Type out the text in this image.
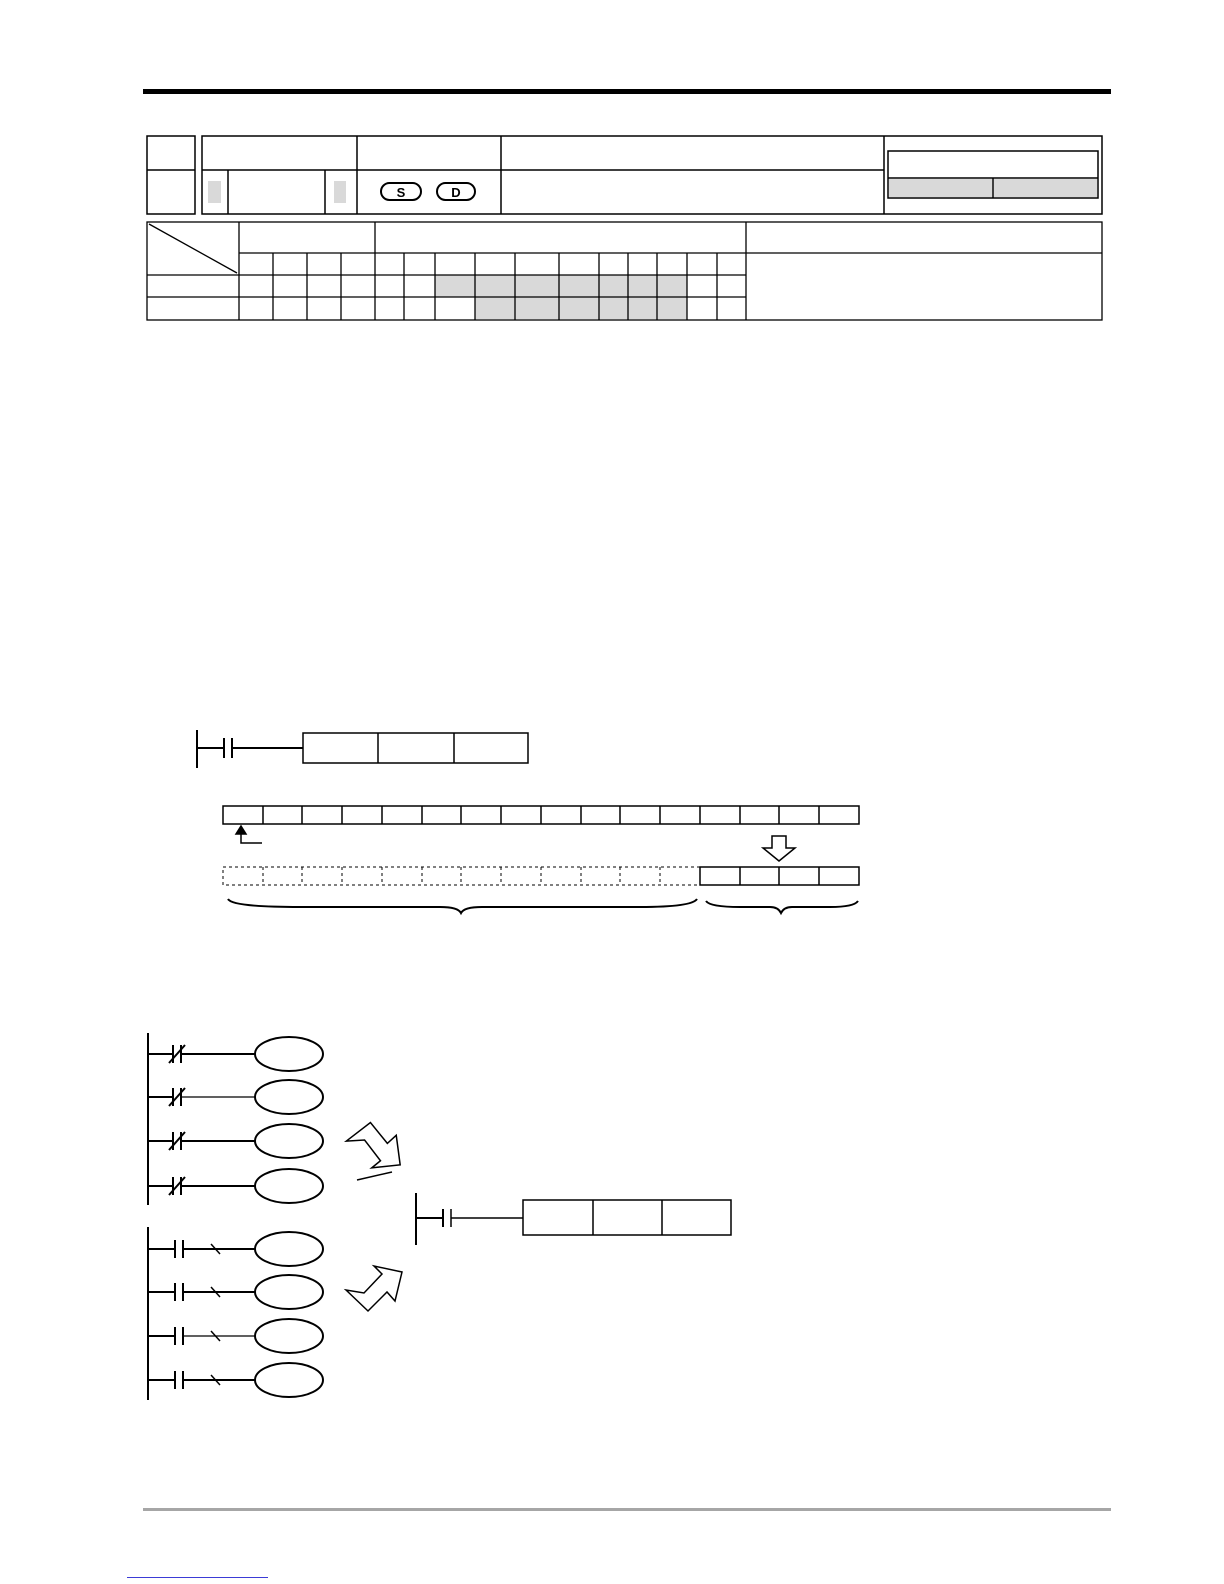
S	D
